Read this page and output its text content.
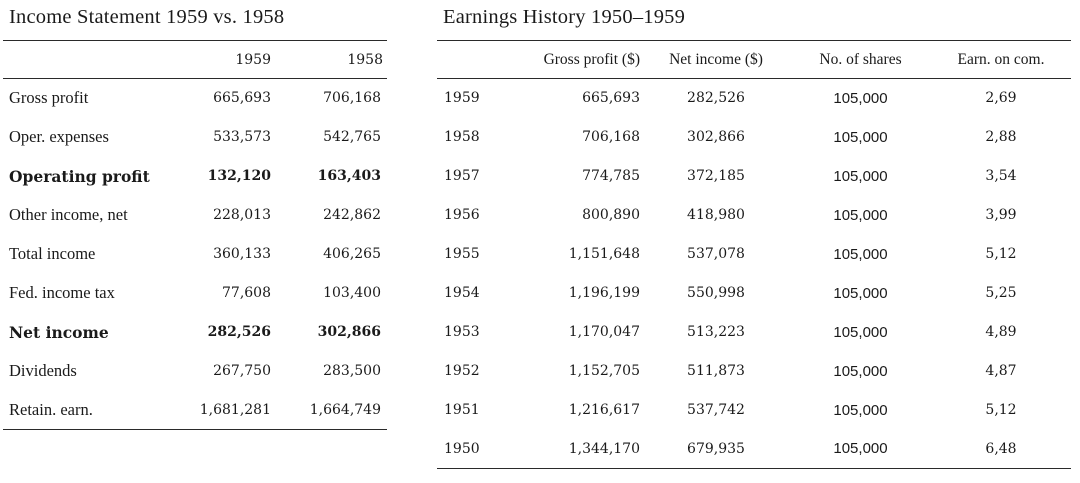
Income Statement 1959 vs. 1958
	1959	1958
Gross profit	665,693	706,168
Oper. expenses	533,573	542,765
Operating profit	132,120	163,403
Other income, net	228,013	242,862
Total income	360,133	406,265
Fed. income tax	77,608	103,400
Net income	282,526	302,866
Dividends	267,750	283,500
Retain. earn.	1,681,281	1,664,749
Earnings History 1950–1959
	Gross profit ($)	Net income ($)	No. of shares	Earn. on com.
1959	665,693	282,526	105,000	2,69
1958	706,168	302,866	105,000	2,88
1957	774,785	372,185	105,000	3,54
1956	800,890	418,980	105,000	3,99
1955	1,151,648	537,078	105,000	5,12
1954	1,196,199	550,998	105,000	5,25
1953	1,170,047	513,223	105,000	4,89
1952	1,152,705	511,873	105,000	4,87
1951	1,216,617	537,742	105,000	5,12
1950	1,344,170	679,935	105,000	6,48
